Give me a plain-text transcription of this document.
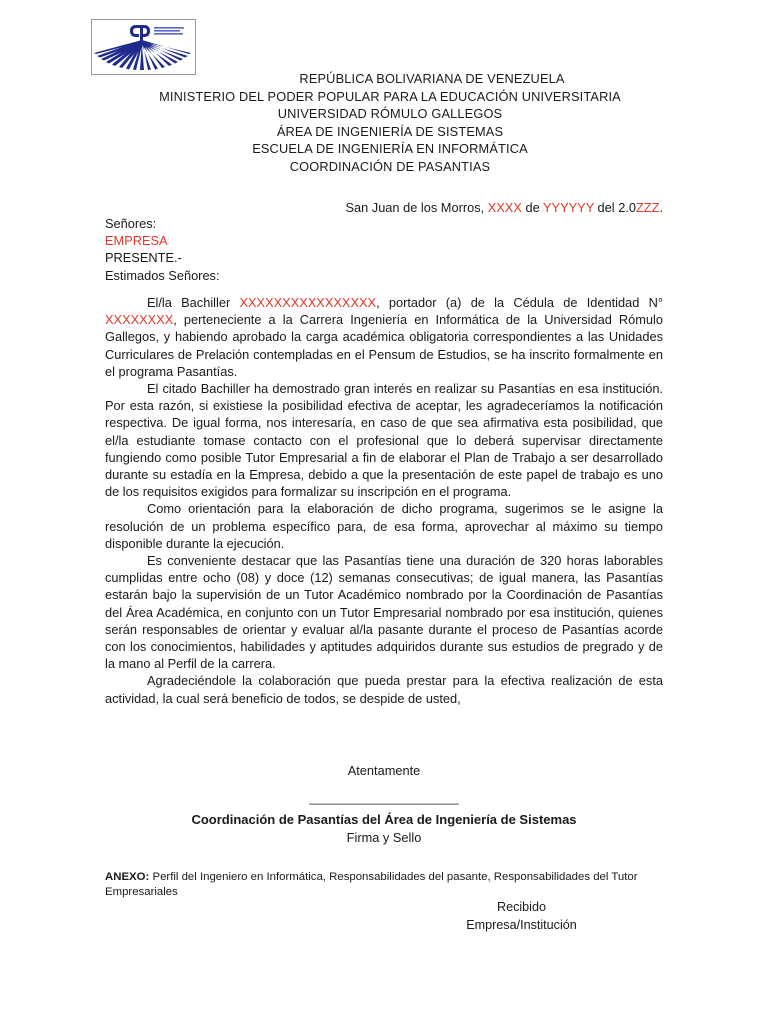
REPÚBLICA BOLIVARIANA DE VENEZUELA
MINISTERIO DEL PODER POPULAR PARA LA EDUCACIÓN UNIVERSITARIA
UNIVERSIDAD RÓMULO GALLEGOS
ÁREA DE INGENIERÍA DE SISTEMAS
ESCUELA DE INGENIERÍA EN INFORMÁTICA
COORDINACIÓN DE PASANTIAS
San Juan de los Morros, XXXX de YYYYYY del 2.0ZZZ.
Señores:
EMPRESA
PRESENTE.-
Estimados Señores:

El/la Bachiller XXXXXXXXXXXXXXXX, portador (a) de la Cédula de Identidad N° XXXXXXXX, perteneciente a la Carrera Ingeniería en Informática de la Universidad Rómulo Gallegos, y habiendo aprobado la carga académica obligatoria correspondientes a las Unidades Curriculares de Prelación contempladas en el Pensum de Estudios, se ha inscrito formalmente en el programa Pasantías.

El citado Bachiller ha demostrado gran interés en realizar su Pasantías en esa institución. Por esta razón, si existiese la posibilidad efectiva de aceptar, les agradeceríamos la notificación respectiva. De igual forma, nos interesaría, en caso de que sea afirmativa esta posibilidad, que el/la estudiante tomase contacto con el profesional que lo deberá supervisar directamente fungiendo como posible Tutor Empresarial a fin de elaborar el Plan de Trabajo a ser desarrollado durante su estadía en la Empresa, debido a que la presentación de este papel de trabajo es uno de los requisitos exigidos para formalizar su inscripción en el programa.

Como orientación para la elaboración de dicho programa, sugerimos se le asigne la resolución de un problema específico para, de esa forma, aprovechar al máximo su tiempo disponible durante la ejecución.

Es conveniente destacar que las Pasantías tiene una duración de 320 horas laborables cumplidas entre ocho (08) y doce (12) semanas consecutivas; de igual manera, las Pasantías estarán bajo la supervisión de un Tutor Académico nombrado por la Coordinación de Pasantías del Área Académica, en conjunto con un Tutor Empresarial nombrado por esa institución, quienes serán responsables de orientar y evaluar al/la pasante durante el proceso de Pasantías acorde con los conocimientos, habilidades y aptitudes adquiridos durante sus estudios de pregrado y de la mano al Perfil de la carrera.

Agradeciéndole la colaboración que pueda prestar para la efectiva realización de esta actividad, la cual será beneficio de todos, se despide de usted,

Atentamente
_____________________
Coordinación de Pasantías del Área de Ingeniería de Sistemas
Firma y Sello
ANEXO: Perfil del Ingeniero en Informática, Responsabilidades del pasante, Responsabilidades del Tutor Empresariales
Recibido
Empresa/Institución
